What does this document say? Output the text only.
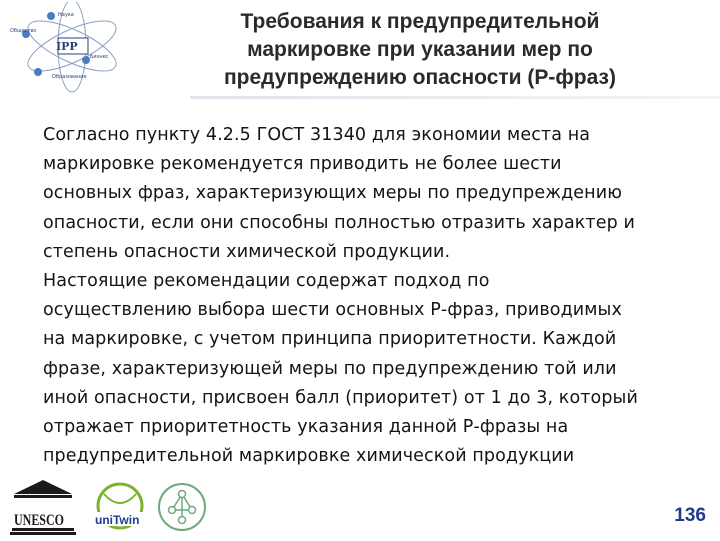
IPP
Наука
Бизнес
Общество
Образование
Требования к предупредительной
маркировке при указании мер по
предупреждению опасности (Р-фраз)
Согласно пункту 4.2.5 ГОСТ 31340 для экономии места на
маркировке рекомендуется приводить не более шести
основных фраз, характеризующих меры по предупреждению
опасности, если они способны полностью отразить характер и
степень опасности химической продукции.
Настоящие рекомендации содержат подход по
осуществлению выбора шести основных Р-фраз, приводимых
на маркировке, с учетом принципа приоритетности. Каждой
фразе, характеризующей меры по предупреждению той или
иной опасности, присвоен балл (приоритет) от 1 до 3, который
отражает приоритетность указания данной Р-фразы на
предупредительной маркировке химической продукции
UNESCO	uniTwin	136
